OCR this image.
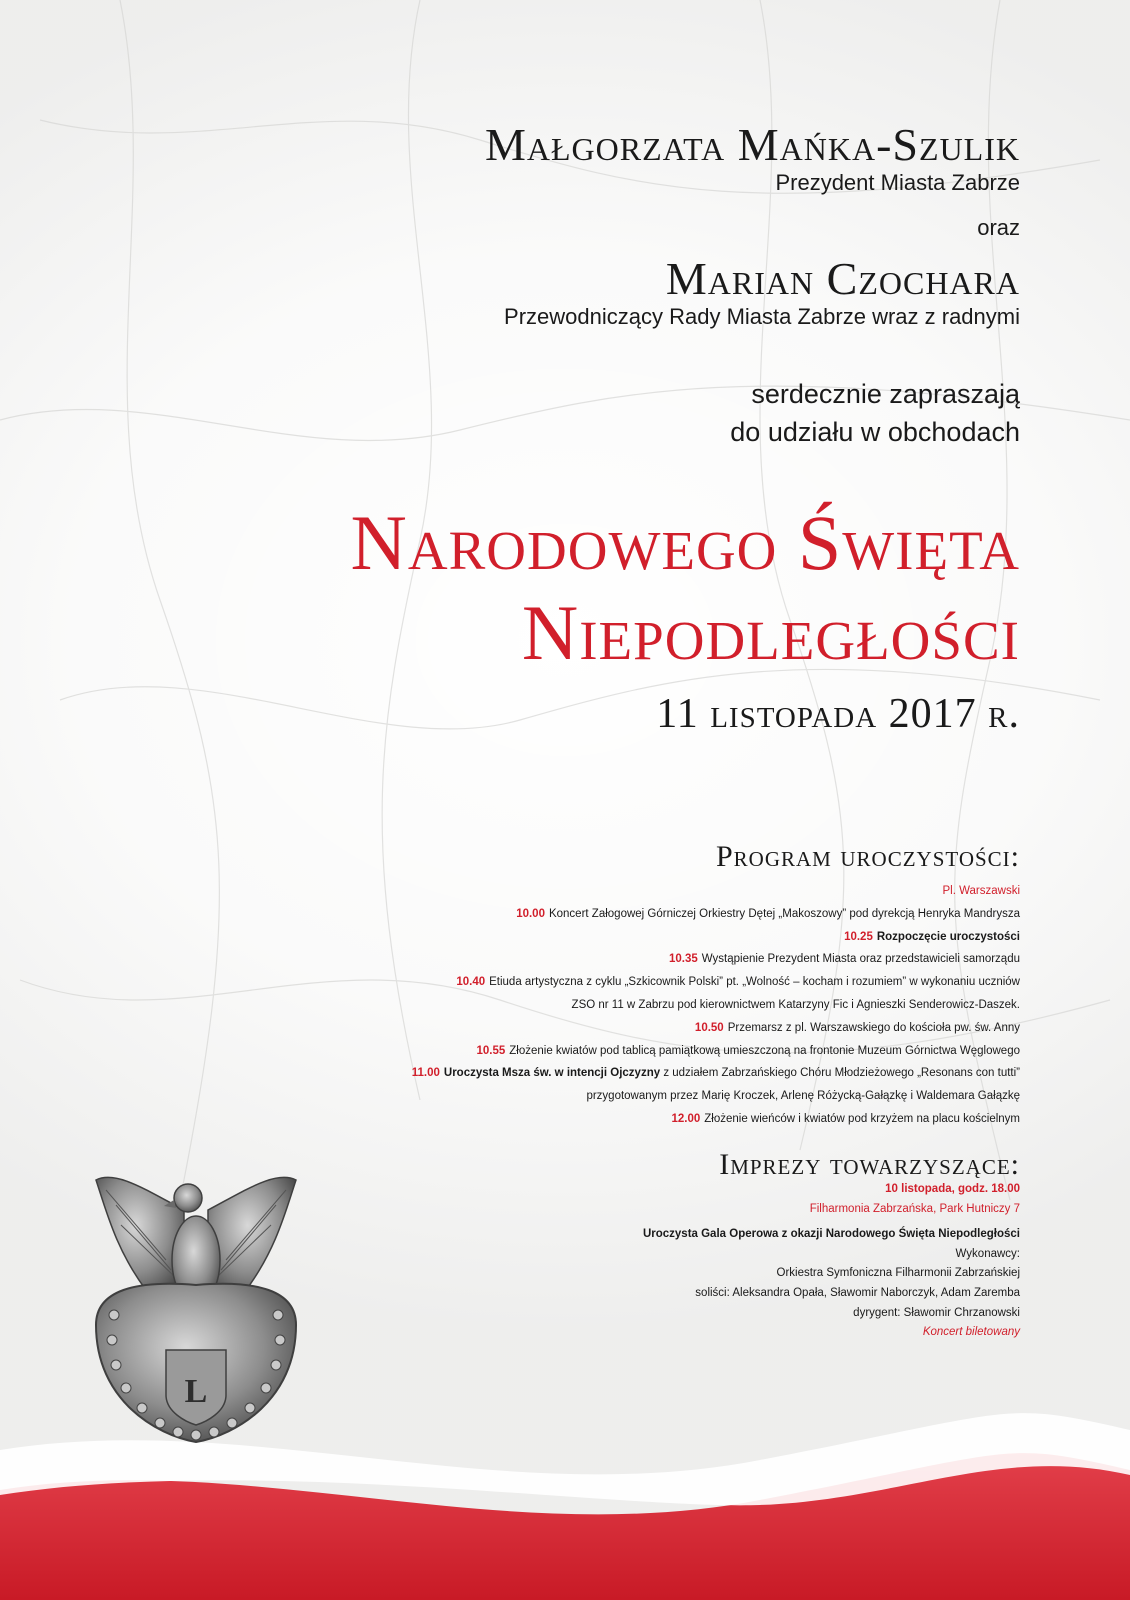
L
Małgorzata Mańka-Szulik
Prezydent Miasta Zabrze
oraz
Marian Czochara
Przewodniczący Rady Miasta Zabrze wraz z radnymi
serdecznie zapraszają
do udziału w obchodach
Narodowego Święta
Niepodległości
11 listopada 2017 r.
Program uroczystości:
Pl. Warszawski
10.00 Koncert Załogowej Górniczej Orkiestry Dętej „Makoszowy” pod dyrekcją Henryka Mandrysza
10.25 Rozpoczęcie uroczystości
10.35 Wystąpienie Prezydent Miasta oraz przedstawicieli samorządu
10.40 Etiuda artystyczna z cyklu „Szkicownik Polski” pt. „Wolność – kocham i rozumiem” w wykonaniu uczniów
ZSO nr 11 w Zabrzu pod kierownictwem Katarzyny Fic i Agnieszki Senderowicz-Daszek.
10.50 Przemarsz z pl. Warszawskiego do kościoła pw. św. Anny
10.55 Złożenie kwiatów pod tablicą pamiątkową umieszczoną na frontonie Muzeum Górnictwa Węglowego
11.00 Uroczysta Msza św. w intencji Ojczyzny z udziałem Zabrzańskiego Chóru Młodzieżowego „Resonans con tutti”
przygotowanym przez Marię Kroczek, Arlenę Różycką-Gałązkę i Waldemara Gałązkę
12.00 Złożenie wieńców i kwiatów pod krzyżem na placu kościelnym
Imprezy towarzyszące:
10 listopada, godz. 18.00
Filharmonia Zabrzańska, Park Hutniczy 7
Uroczysta Gala Operowa z okazji Narodowego Święta Niepodległości
Wykonawcy:
Orkiestra Symfoniczna Filharmonii Zabrzańskiej
soliści: Aleksandra Opała, Sławomir Naborczyk, Adam Zaremba
dyrygent: Sławomir Chrzanowski
Koncert biletowany
